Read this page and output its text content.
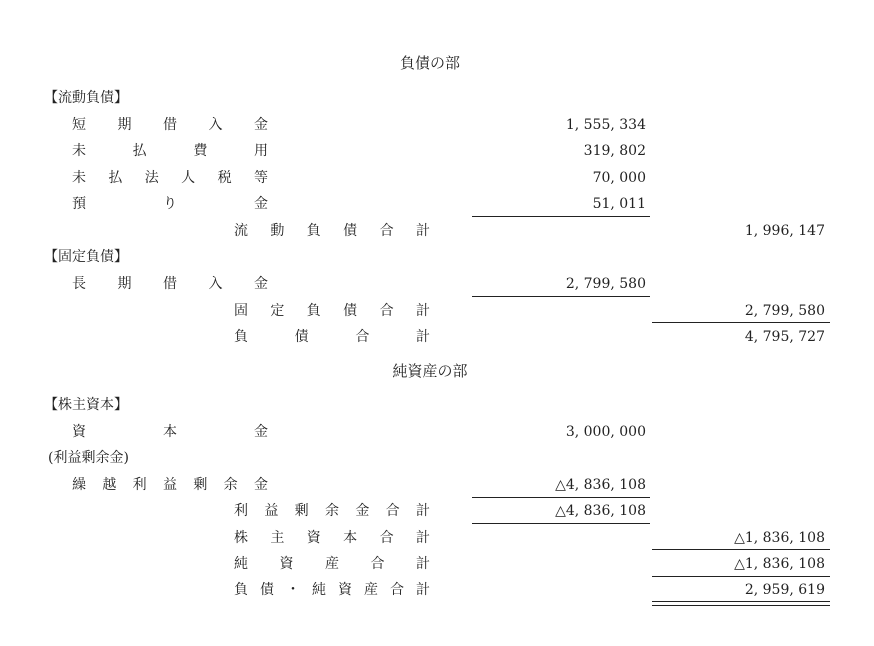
負債の部
【流動負債】
短 期 借 入 金	1, 555, 334
未	払	費	用	319, 802
未 払 法 人 税 等	70, 000
預	り	金	51, 011
流 動 負 債 合 計	1, 996, 147
【固定負債】
長 期 借 入 金	2, 799, 580
固 定 負 債 合 計	2, 799, 580
負	債	合	計	4, 795, 727
純資産の部
【株主資本】
資	本	金	3, 000, 000
(利益剰余金)
繰 越 利 益 剰 余 金	△4, 836, 108
利 益 剰 余 金 合 計	△4, 836, 108
株 主 資 本 合 計	△1, 836, 108
純 資 産 合 計	△1, 836, 108
負 債 ・ 純 資 産 合 計	2, 959, 619
